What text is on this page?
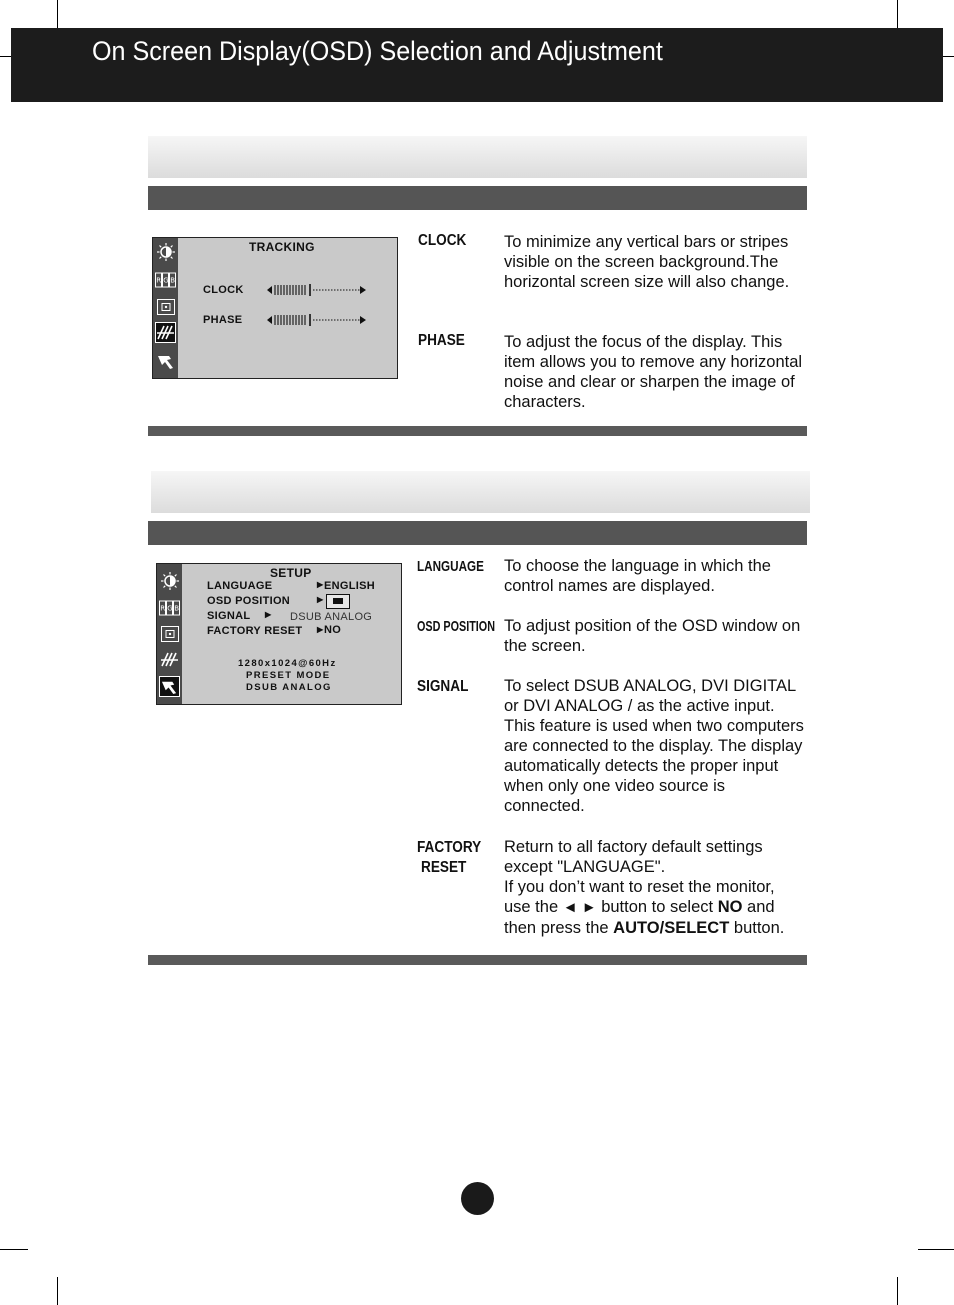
On Screen Display(OSD) Selection and Adjustment
R G B
TRACKING
CLOCK
PHASE
CLOCK To minimize any vertical bars or stripes visible on the screen background.The horizontal screen size will also change.
PHASE To adjust the focus of the display. This item allows you to remove any horizontal noise and clear or sharpen the image of characters.
R G B
SETUP
LANGUAGE	▶ ENGLISH
OSD POSITION	▶
SIGNAL ▶ DSUB ANALOG
FACTORY RESET ▶ NO
1280x1024@60Hz
PRESET MODE
DSUB ANALOG
LANGUAGE To choose the language in which the control names are displayed.
OSD POSITION To adjust position of the OSD window on the screen.
SIGNAL To select DSUB ANALOG, DVI DIGITAL or DVI ANALOG / as the active input. This feature is used when two computers are connected to the display. The display automatically detects the proper input when only one video source is connected.
FACTORY
RESET
Return to all factory default settings except "LANGUAGE".
If you don’t want to reset the monitor, use the ◄ ► button to select NO and then press the AUTO/SELECT button.
